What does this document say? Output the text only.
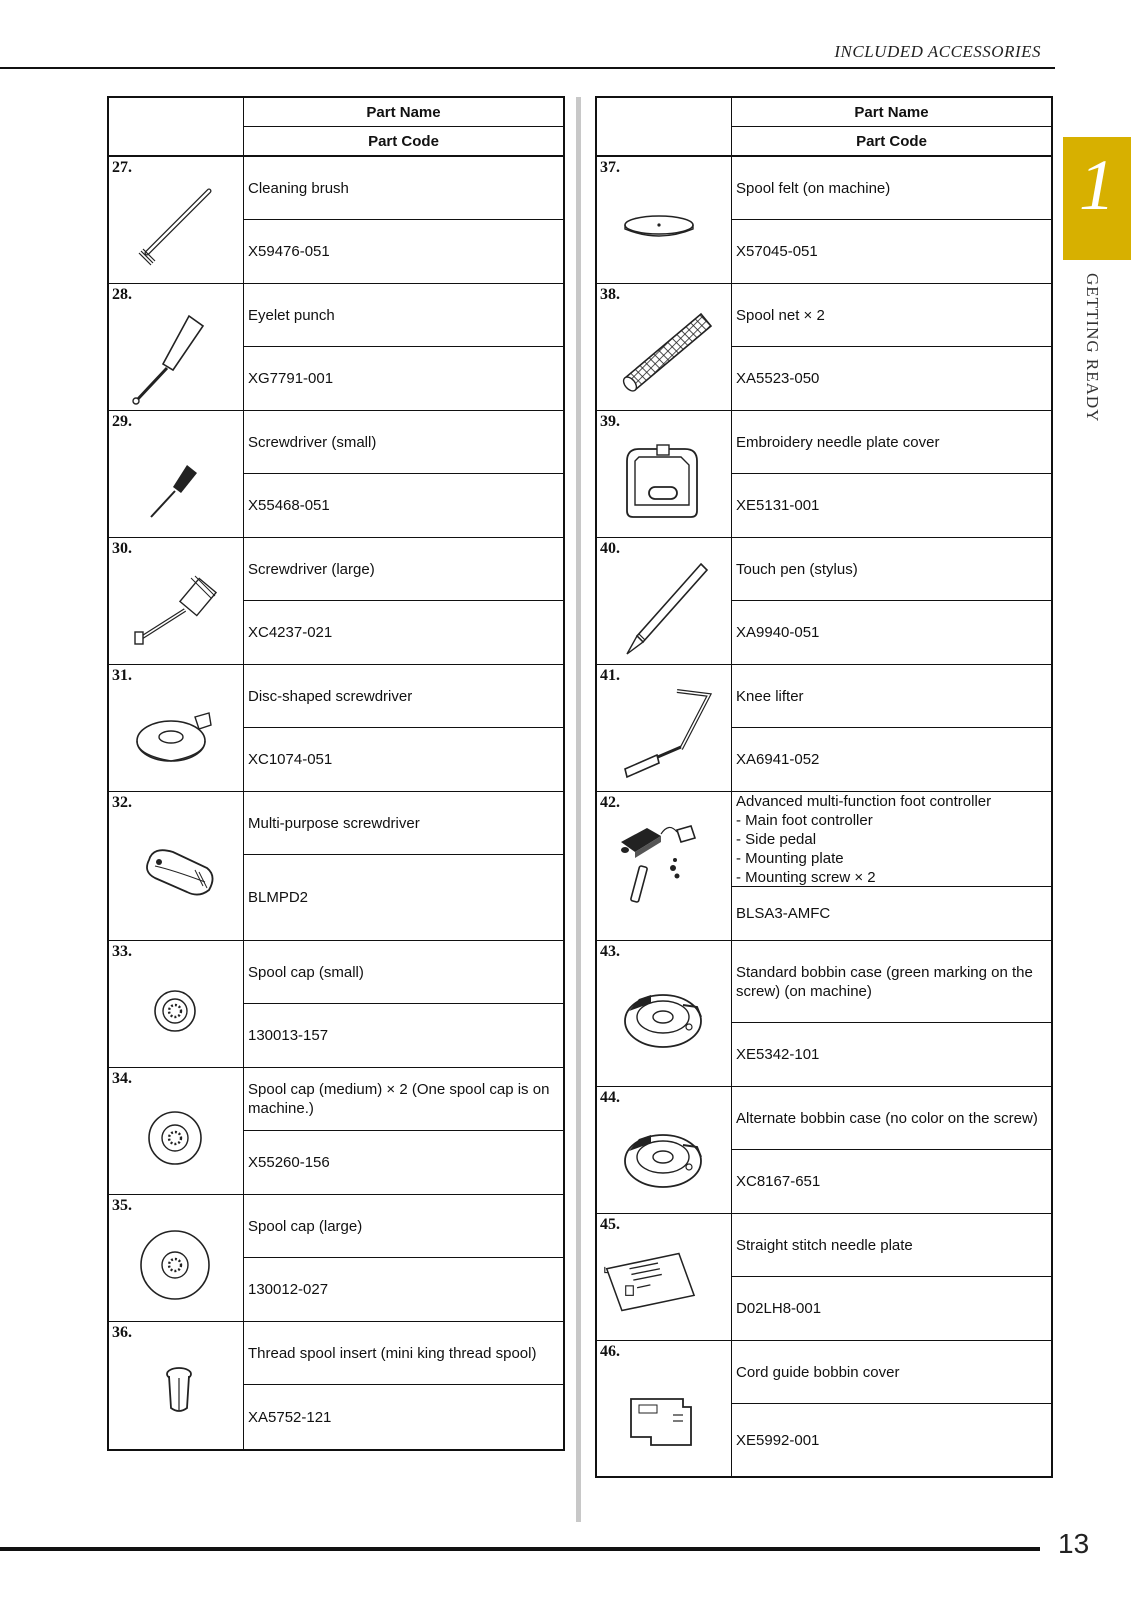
INCLUDED ACCESSORIES
1
GETTING READY
Part Name
Part Code
27.
Cleaning brush
X59476-051
28.
Eyelet punch
XG7791-001
29.
Screwdriver (small)
X55468-051
30.
Screwdriver (large)
XC4237-021
31.
Disc-shaped screwdriver
XC1074-051
32.
Multi-purpose screwdriver
BLMPD2
33.
Spool cap (small)
130013-157
34.
Spool cap (medium) × 2 (One spool cap is on machine.)
X55260-156
35.
Spool cap (large)
130012-027
36.
Thread spool insert (mini king thread spool)
XA5752-121
Part Name
Part Code
37.
Spool felt (on machine)
X57045-051
38.
Spool net × 2
XA5523-050
39.
Embroidery needle plate cover
XE5131-001
40.
Touch pen (stylus)
XA9940-051
41.
Knee lifter
XA6941-052
42.	Advanced multi-function foot controller
- Main foot controller
- Side pedal
- Mounting plate
- Mounting screw × 2
BLSA3-AMFC
43.
Standard bobbin case (green marking on the screw) (on machine)
XE5342-101
44.
Alternate bobbin case (no color on the screw)
XC8167-651
45.
Straight stitch needle plate
D02LH8-001
46.
Cord guide bobbin cover
XE5992-001
13
